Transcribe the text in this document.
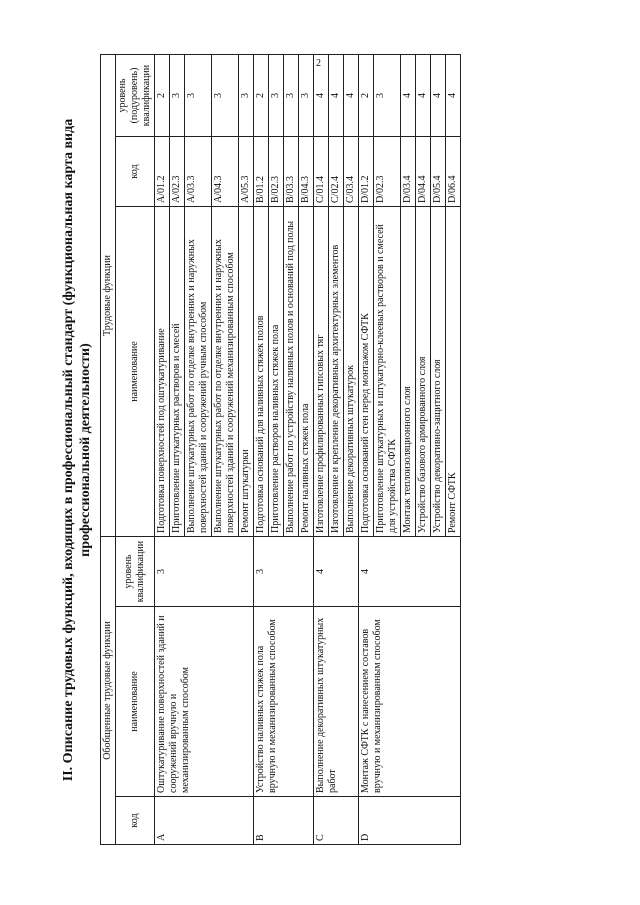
2
II. Описание трудовых функций, входящих в профессиональный стандарт (функциональная карта вида профессиональной деятельности)
Обобщенные трудовые функции			Трудовые функции		
код	наименование	уровень квалификации	наименование	код	уровень (подуровень) квалификации
A	Оштукатуривание поверхностей зданий и сооружений вручную и механизированным способом	3	Подготовка поверхностей под оштукатуривание	A/01.2	2
			Приготовление штукатурных растворов и смесей	A/02.3	3
			Выполнение штукатурных работ по отделке внутренних и наружных поверхностей зданий и сооружений ручным способом	A/03.3	3
			Выполнение штукатурных работ по отделке внутренних и наружных поверхностей зданий и сооружений механизированным способом	A/04.3	3
			Ремонт штукатурки	A/05.3	3
B	Устройство наливных стяжек пола вручную и механизированным способом	3	Подготовка оснований для наливных стяжек полов	B/01.2	2
			Приготовление растворов наливных стяжек пола	B/02.3	3
			Выполнение работ по устройству наливных полов и оснований под полы	B/03.3	3
			Ремонт наливных стяжек пола	B/04.3	3
C	Выполнение декоративных штукатурных работ	4	Изготовление профилированных гипсовых тяг	C/01.4	4
			Изготовление и крепление декоративных архитектурных элементов	C/02.4	4
			Выполнение декоративных штукатурок	C/03.4	4
D	Монтаж СФТК с нанесением составов вручную и механизированным способом	4	Подготовка оснований стен перед монтажом СФТК	D/01.2	2
			Приготовление штукатурных и штукатурно-клеевых растворов и смесей для устройства СФТК	D/02.3	3
			Монтаж теплоизоляционного слоя	D/03.4	4
			Устройство базового армированного слоя	D/04.4	4
			Устройство декоративно-защитного слоя	D/05.4	4
			Ремонт СФТК	D/06.4	4
